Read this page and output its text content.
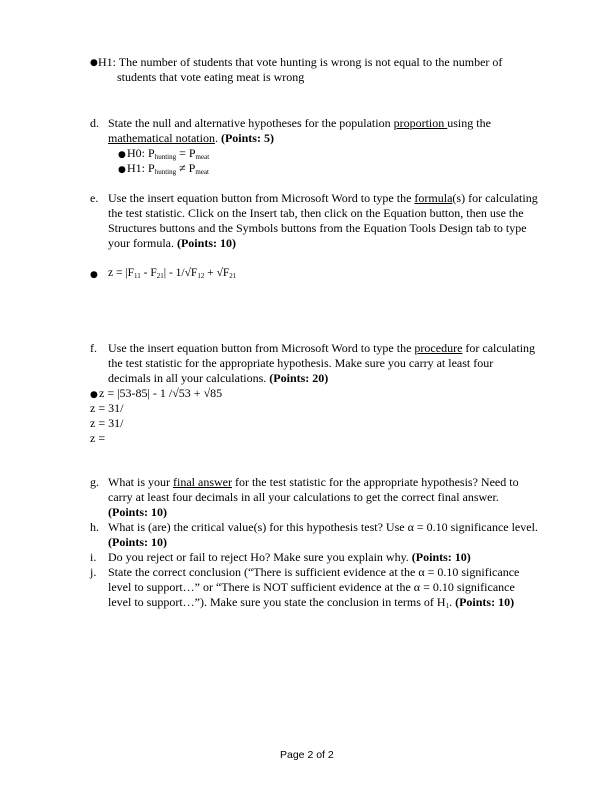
● H1: The number of students that vote hunting is wrong is not equal to the number of
students that vote eating meat is wrong
d. State the null and alternative hypotheses for the population proportion using the
mathematical notation. (Points: 5)
● H0: Phunting = Pmeat
● H1: Phunting ≠ Pmeat
e. Use the insert equation button from Microsoft Word to type the formula(s) for calculating
the test statistic. Click on the Insert tab, then click on the Equation button, then use the
Structures buttons and the Symbols buttons from the Equation Tools Design tab to type
your formula. (Points: 10)
● z = |F11 - F21| - 1/√F12 + √F21
f. Use the insert equation button from Microsoft Word to type the procedure for calculating
the test statistic for the appropriate hypothesis. Make sure you carry at least four
decimals in all your calculations. (Points: 20)
● z = |53-85| - 1 /√53 + √85
z = 31/
z = 31/
z =
g. What is your final answer for the test statistic for the appropriate hypothesis? Need to
carry at least four decimals in all your calculations to get the correct final answer.
(Points: 10)
h. What is (are) the critical value(s) for this hypothesis test? Use α = 0.10 significance level.
(Points: 10)
i. Do you reject or fail to reject Ho? Make sure you explain why. (Points: 10)
j. State the correct conclusion (“There is sufficient evidence at the α = 0.10 significance
level to support…” or “There is NOT sufficient evidence at the α = 0.10 significance
level to support…”). Make sure you state the conclusion in terms of H1. (Points: 10)
Page 2 of 2
